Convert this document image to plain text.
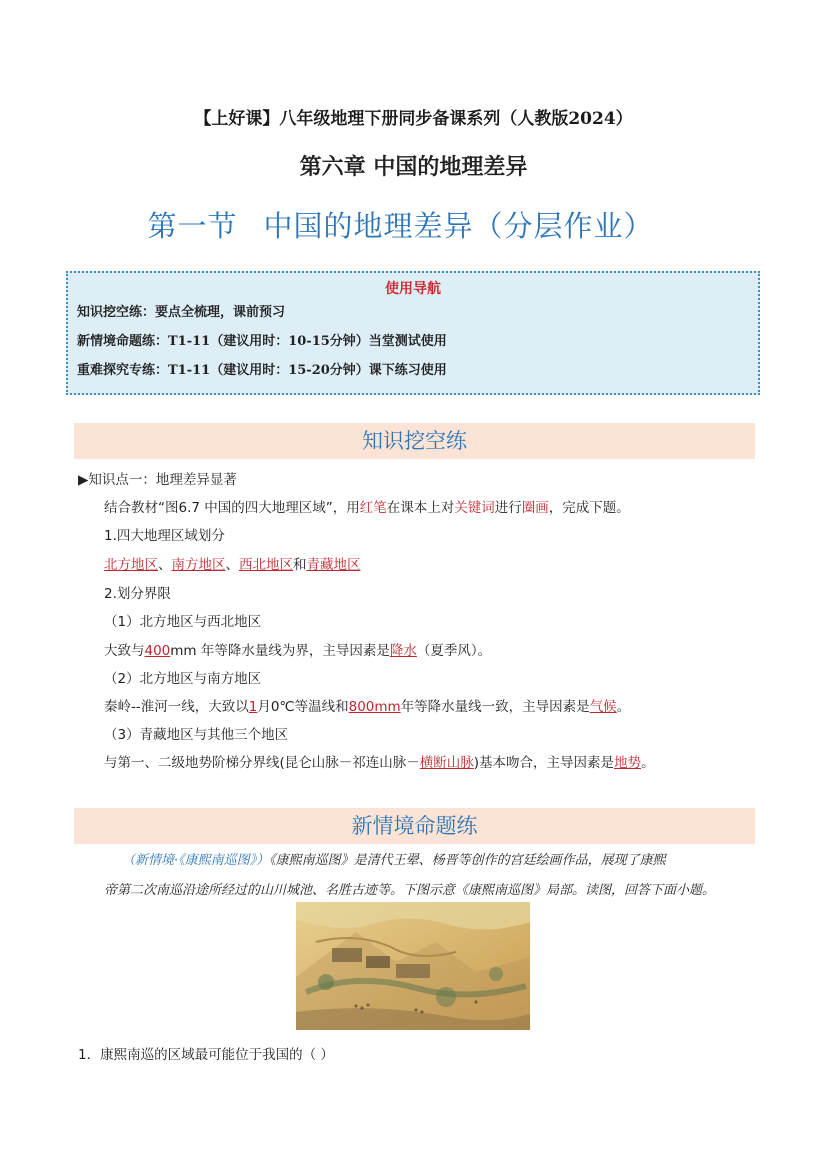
【上好课】八年级地理下册同步备课系列（人教版2024）
第六章 中国的地理差异
第一节 中国的地理差异（分层作业）
使用导航
知识挖空练：要点全梳理，课前预习
新情境命题练：T1-11（建议用时：10-15分钟）当堂测试使用
重难探究专练：T1-11（建议用时：15-20分钟）课下练习使用
知识挖空练
▶知识点一：地理差异显著
结合教材“图6.7 中国的四大地理区域”，用红笔在课本上对关键词进行圈画，完成下题。
1.四大地理区域划分
北方地区、南方地区、西北地区和青藏地区
2.划分界限
（1）北方地区与西北地区
大致与400mm 年等降水量线为界，主导因素是降水（夏季风）。
（2）北方地区与南方地区
秦岭--淮河一线，大致以1月0℃等温线和800mm年等降水量线一致，主导因素是气候。
（3）青藏地区与其他三个地区
与第一、二级地势阶梯分界线(昆仑山脉－祁连山脉－横断山脉)基本吻合，主导因素是地势。
新情境命题练
（新情境·《康熙南巡图》）《康熙南巡图》是清代王翚、杨晋等创作的宫廷绘画作品，展现了康熙
帝第二次南巡沿途所经过的山川城池、名胜古迹等。下图示意《康熙南巡图》局部。读图，回答下面小题。
1．康熙南巡的区域最可能位于我国的（ ）
